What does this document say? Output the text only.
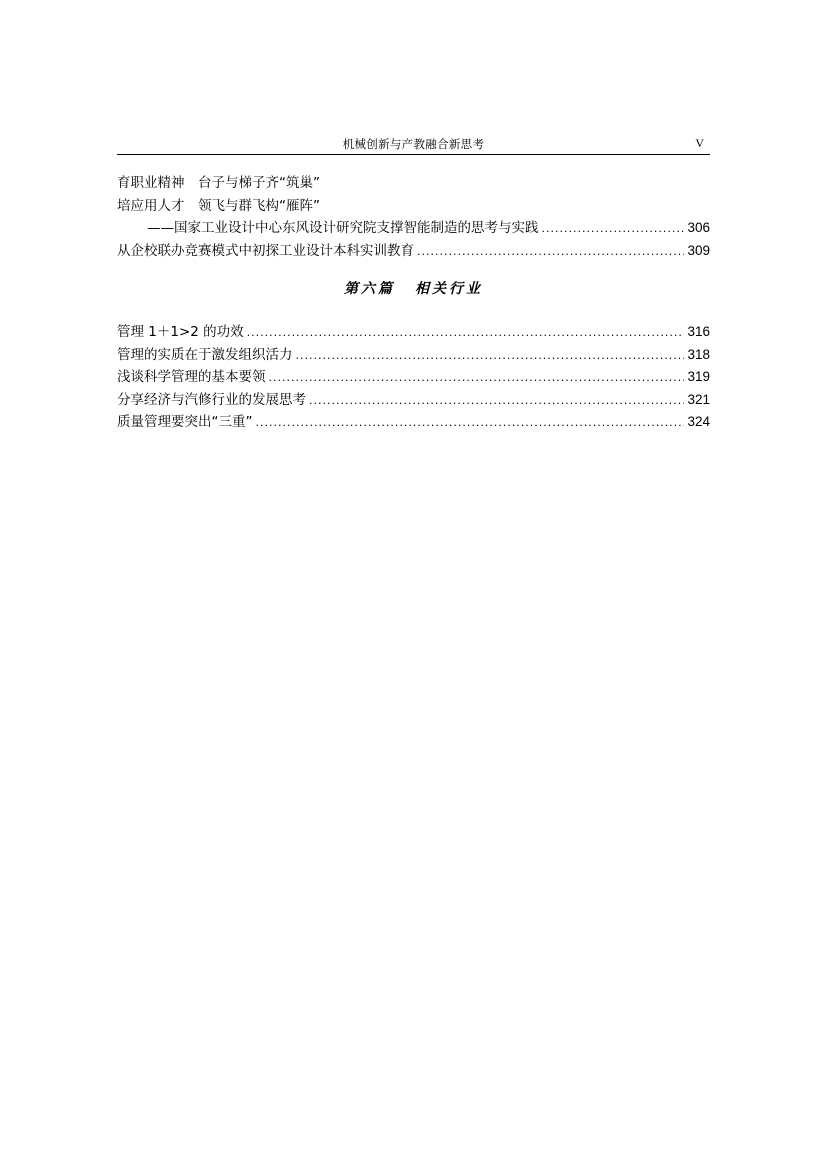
机械创新与产教融合新思考	V
育职业精神　台子与梯子齐“筑巢”
培应用人才　领飞与群飞构“雁阵”
——国家工业设计中心东风设计研究院支撑智能制造的思考与实践 .....	306
从企校联办竞赛模式中初探工业设计本科实训教育 .....	309
第六篇 相关行业
管理 1＋1>2 的功效 .....	316
管理的实质在于激发组织活力 .....	318
浅谈科学管理的基本要领 .....	319
分享经济与汽修行业的发展思考 .....	321
质量管理要突出“三重” .....	324
